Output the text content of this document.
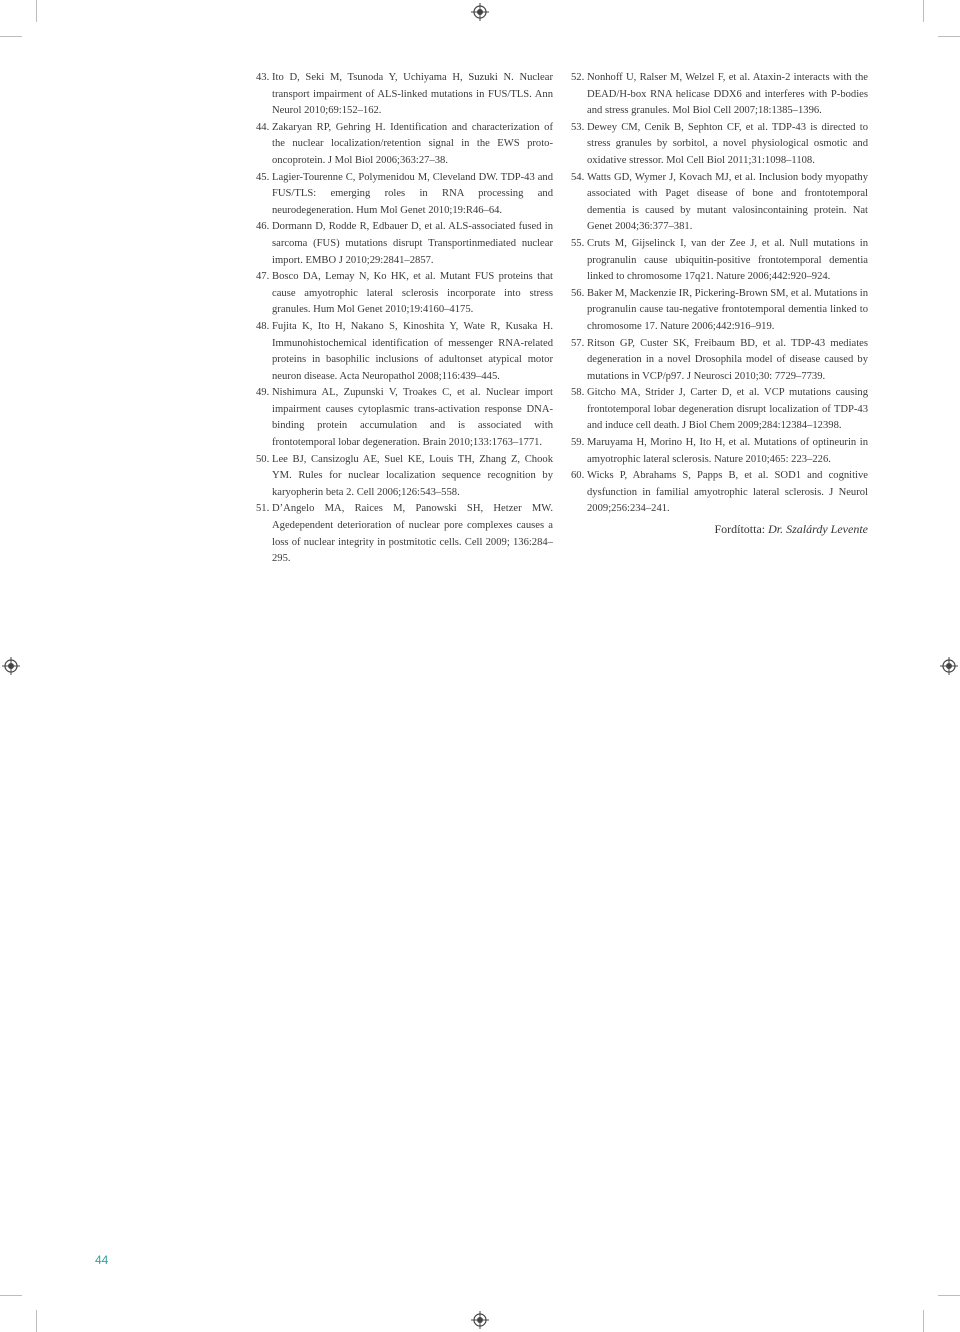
43. Ito D, Seki M, Tsunoda Y, Uchiyama H, Suzuki N. Nuclear transport impairment of ALS-linked mutations in FUS/TLS. Ann Neurol 2010;69:152–162.
44. Zakaryan RP, Gehring H. Identification and characterization of the nuclear localization/retention signal in the EWS proto-oncoprotein. J Mol Biol 2006;363:27–38.
45. Lagier-Tourenne C, Polymenidou M, Cleveland DW. TDP-43 and FUS/TLS: emerging roles in RNA processing and neurodegeneration. Hum Mol Genet 2010;19:R46–64.
46. Dormann D, Rodde R, Edbauer D, et al. ALS-associated fused in sarcoma (FUS) mutations disrupt Transportinmediated nuclear import. EMBO J 2010;29:2841–2857.
47. Bosco DA, Lemay N, Ko HK, et al. Mutant FUS proteins that cause amyotrophic lateral sclerosis incorporate into stress granules. Hum Mol Genet 2010;19:4160–4175.
48. Fujita K, Ito H, Nakano S, Kinoshita Y, Wate R, Kusaka H. Immunohistochemical identification of messenger RNA-related proteins in basophilic inclusions of adultonset atypical motor neuron disease. Acta Neuropathol 2008;116:439–445.
49. Nishimura AL, Zupunski V, Troakes C, et al. Nuclear import impairment causes cytoplasmic trans-activation response DNA-binding protein accumulation and is associated with frontotemporal lobar degeneration. Brain 2010;133:1763–1771.
50. Lee BJ, Cansizoglu AE, Suel KE, Louis TH, Zhang Z, Chook YM. Rules for nuclear localization sequence recognition by karyopherin beta 2. Cell 2006;126:543–558.
51. D’Angelo MA, Raices M, Panowski SH, Hetzer MW. Agedependent deterioration of nuclear pore complexes causes a loss of nuclear integrity in postmitotic cells. Cell 2009; 136:284–295.
52. Nonhoff U, Ralser M, Welzel F, et al. Ataxin-2 interacts with the DEAD/H-box RNA helicase DDX6 and interferes with P-bodies and stress granules. Mol Biol Cell 2007;18:1385–1396.
53. Dewey CM, Cenik B, Sephton CF, et al. TDP-43 is directed to stress granules by sorbitol, a novel physiological osmotic and oxidative stressor. Mol Cell Biol 2011;31:1098–1108.
54. Watts GD, Wymer J, Kovach MJ, et al. Inclusion body myopathy associated with Paget disease of bone and frontotemporal dementia is caused by mutant valosincontaining protein. Nat Genet 2004;36:377–381.
55. Cruts M, Gijselinck I, van der Zee J, et al. Null mutations in progranulin cause ubiquitin-positive frontotemporal dementia linked to chromosome 17q21. Nature 2006;442:920–924.
56. Baker M, Mackenzie IR, Pickering-Brown SM, et al. Mutations in progranulin cause tau-negative frontotemporal dementia linked to chromosome 17. Nature 2006;442:916–919.
57. Ritson GP, Custer SK, Freibaum BD, et al. TDP-43 mediates degeneration in a novel Drosophila model of disease caused by mutations in VCP/p97. J Neurosci 2010;30: 7729–7739.
58. Gitcho MA, Strider J, Carter D, et al. VCP mutations causing frontotemporal lobar degeneration disrupt localization of TDP-43 and induce cell death. J Biol Chem 2009;284:12384–12398.
59. Maruyama H, Morino H, Ito H, et al. Mutations of optineurin in amyotrophic lateral sclerosis. Nature 2010;465: 223–226.
60. Wicks P, Abrahams S, Papps B, et al. SOD1 and cognitive dysfunction in familial amyotrophic lateral sclerosis. J Neurol 2009;256:234–241.
Fordította: Dr. Szalárdy Levente
44
